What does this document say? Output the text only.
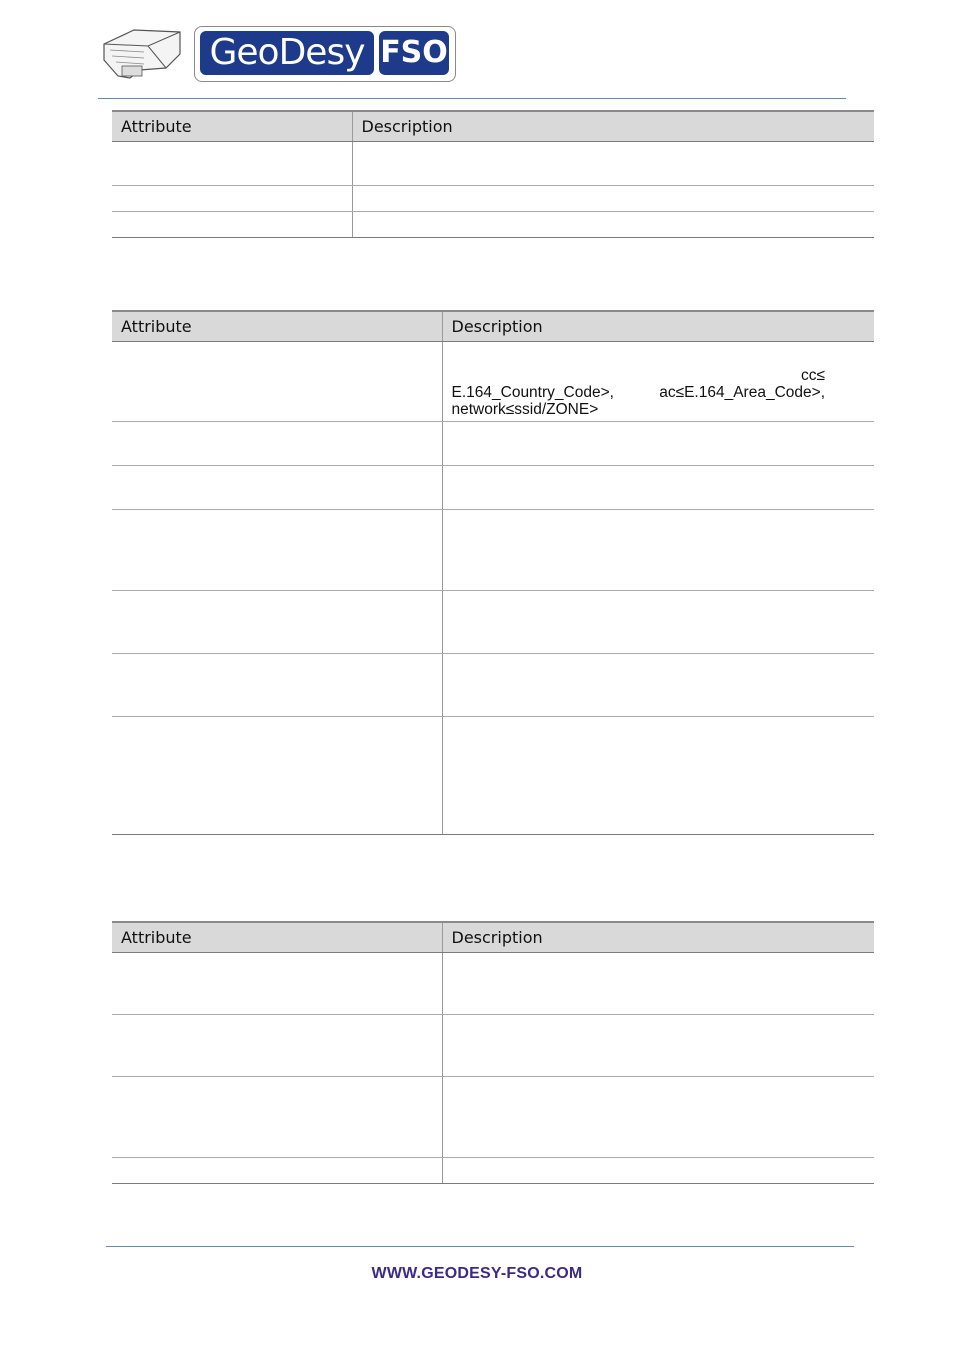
GeoDesy FSO
Attribute	Description

Attribute	Description

	cc≤
E.164_Country_Code>, ac≤E.164_Area_Code>,
network≤ssid/ZONE>

Attribute	Description

WWW.GEODESY-FSO.COM
